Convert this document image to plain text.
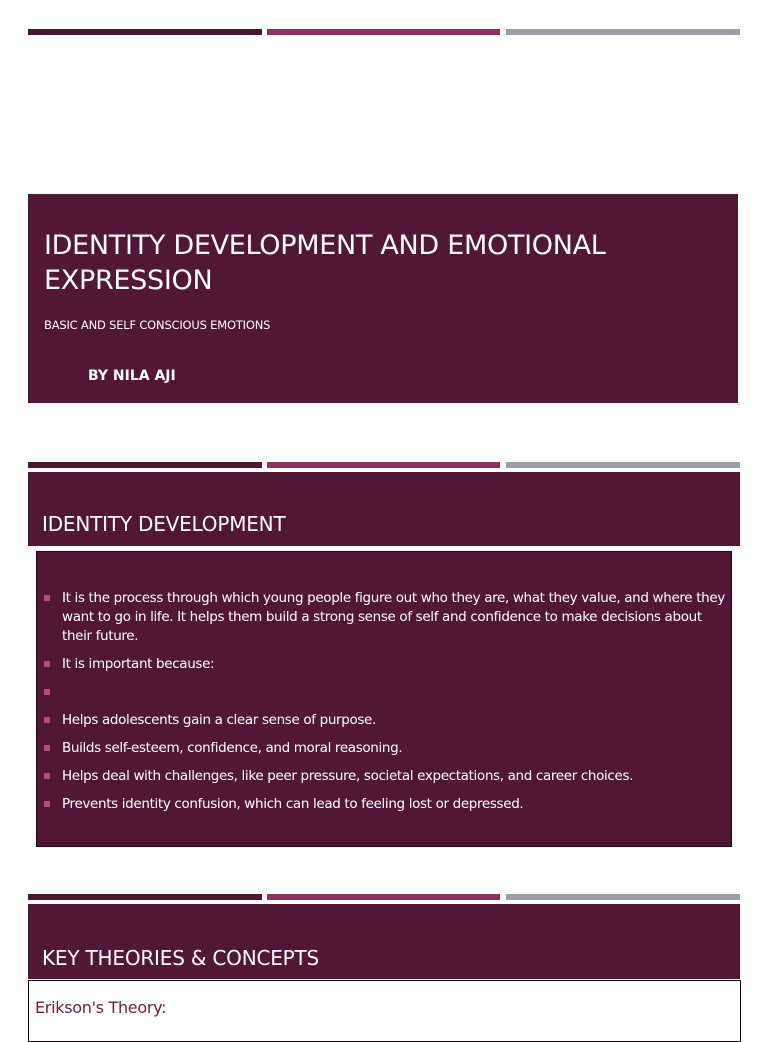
IDENTITY DEVELOPMENT AND EMOTIONAL EXPRESSION
BASIC AND SELF CONSCIOUS EMOTIONS
BY NILA AJI
IDENTITY DEVELOPMENT
It is the process through which young people figure out who they are, what they value, and where they want to go in life. It helps them build a strong sense of self and confidence to make decisions about their future.
It is important because:
Helps adolescents gain a clear sense of purpose.
Builds self-esteem, confidence, and moral reasoning.
Helps deal with challenges, like peer pressure, societal expectations, and career choices.
Prevents identity confusion, which can lead to feeling lost or depressed.
KEY THEORIES & CONCEPTS
Erikson's Theory:
